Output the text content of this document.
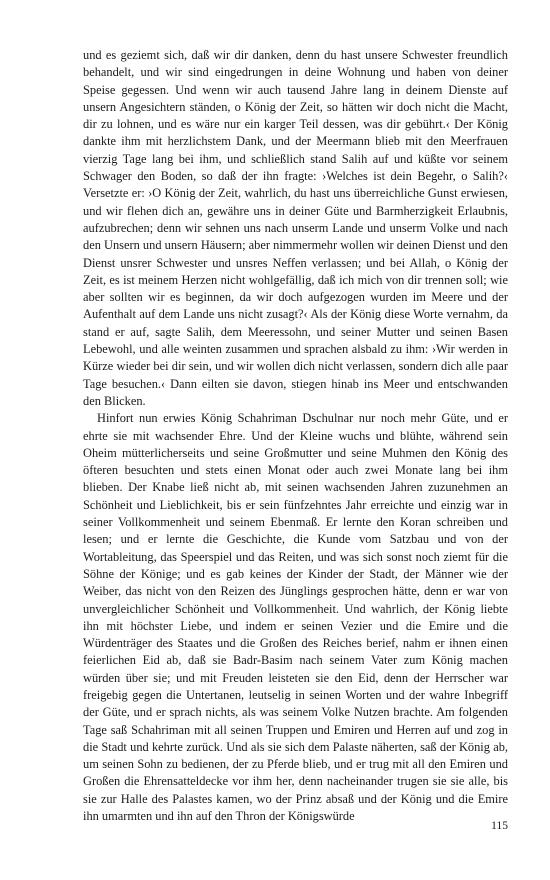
und es geziemt sich, daß wir dir danken, denn du hast unsere Schwester freundlich behandelt, und wir sind eingedrungen in deine Wohnung und haben von deiner Speise gegessen. Und wenn wir auch tausend Jahre lang in deinem Dienste auf unsern Angesichtern ständen, o König der Zeit, so hätten wir doch nicht die Macht, dir zu lohnen, und es wäre nur ein karger Teil dessen, was dir gebührt.‹ Der König dankte ihm mit herzlichstem Dank, und der Meermann blieb mit den Meerfrauen vierzig Tage lang bei ihm, und schließlich stand Salih auf und küßte vor seinem Schwager den Boden, so daß der ihn fragte: ›Welches ist dein Begehr, o Salih?‹ Versetzte er: ›O König der Zeit, wahrlich, du hast uns überreichliche Gunst erwiesen, und wir flehen dich an, gewähre uns in deiner Güte und Barmherzigkeit Erlaubnis, aufzubrechen; denn wir sehnen uns nach unserm Lande und unserm Volke und nach den Unsern und unsern Häusern; aber nimmermehr wollen wir deinen Dienst und den Dienst unsrer Schwester und unsres Neffen verlassen; und bei Allah, o König der Zeit, es ist meinem Herzen nicht wohlgefällig, daß ich mich von dir trennen soll; wie aber sollten wir es beginnen, da wir doch aufgezogen wurden im Meere und der Aufenthalt auf dem Lande uns nicht zusagt?‹ Als der König diese Worte vernahm, da stand er auf, sagte Salih, dem Meeressohn, und seiner Mutter und seinen Basen Lebewohl, und alle weinten zusammen und sprachen alsbald zu ihm: ›Wir werden in Kürze wieder bei dir sein, und wir wollen dich nicht verlassen, sondern dich alle paar Tage besuchen.‹ Dann eilten sie davon, stiegen hinab ins Meer und entschwanden den Blicken.

Hinfort nun erwies König Schahriman Dschulnar nur noch mehr Güte, und er ehrte sie mit wachsender Ehre. Und der Kleine wuchs und blühte, während sein Oheim mütterlicherseits und seine Großmutter und seine Muhmen den König des öfteren besuchten und stets einen Monat oder auch zwei Monate lang bei ihm blieben. Der Knabe ließ nicht ab, mit seinen wachsenden Jahren zuzunehmen an Schönheit und Lieblichkeit, bis er sein fünfzehntes Jahr erreichte und einzig war in seiner Vollkommenheit und seinem Ebenmaß. Er lernte den Koran schreiben und lesen; und er lernte die Geschichte, die Kunde vom Satzbau und von der Wortableitung, das Speerspiel und das Reiten, und was sich sonst noch ziemt für die Söhne der Könige; und es gab keines der Kinder der Stadt, der Männer wie der Weiber, das nicht von den Reizen des Jünglings gesprochen hätte, denn er war von unvergleichlicher Schönheit und Vollkommenheit. Und wahrlich, der König liebte ihn mit höchster Liebe, und indem er seinen Vezier und die Emire und die Würdenträger des Staates und die Großen des Reiches berief, nahm er ihnen einen feierlichen Eid ab, daß sie Badr-Basim nach seinem Vater zum König machen würden über sie; und mit Freuden leisteten sie den Eid, denn der Herrscher war freigebig gegen die Untertanen, leutselig in seinen Worten und der wahre Inbegriff der Güte, und er sprach nichts, als was seinem Volke Nutzen brachte. Am folgenden Tage saß Schahriman mit all seinen Truppen und Emiren und Herren auf und zog in die Stadt und kehrte zurück. Und als sie sich dem Palaste näherten, saß der König ab, um seinen Sohn zu bedienen, der zu Pferde blieb, und er trug mit all den Emiren und Großen die Ehrensatteldecke vor ihm her, denn nacheinander trugen sie sie alle, bis sie zur Halle des Palastes kamen, wo der Prinz absaß und der König und die Emire ihn umarmten und ihn auf den Thron der Königswürde

115
